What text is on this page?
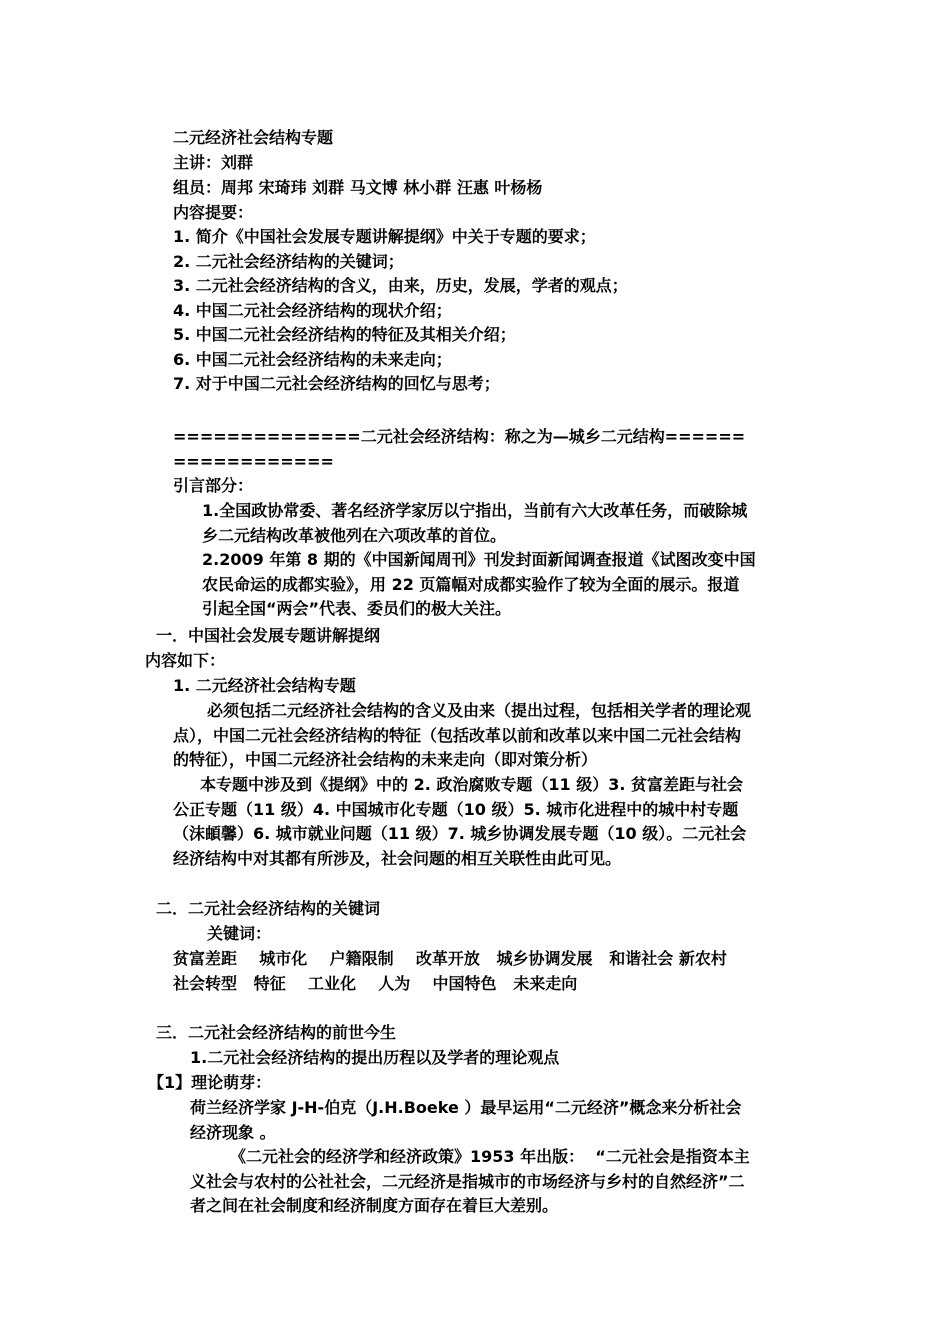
二元经济社会结构专题
主讲：刘群
组员：周邦 宋琦玮 刘群 马文博 林小群 汪惠 叶杨杨
内容提要：
1. 简介《中国社会发展专题讲解提纲》中关于专题的要求；
2. 二元社会经济结构的关键词；
3. 二元社会经济结构的含义，由来，历史，发展，学者的观点；
4. 中国二元社会经济结构的现状介绍；
5. 中国二元社会经济结构的特征及其相关介绍；
6. 中国二元社会经济结构的未来走向；
7. 对于中国二元社会经济结构的回忆与思考；
==============二元社会经济结构：称之为—城乡二元结构======
============
引言部分：
1.全国政协常委、著名经济学家厉以宁指出，当前有六大改革任务，而破除城
乡二元结构改革被他列在六项改革的首位。
2.2009 年第 8 期的《中国新闻周刊》刊发封面新闻调查报道《试图改变中国
农民命运的成都实验》，用 22 页篇幅对成都实验作了较为全面的展示。报道
引起全国“两会”代表、委员们的极大关注。
一．中国社会发展专题讲解提纲
内容如下：
1. 二元经济社会结构专题
必须包括二元经济社会结构的含义及由来（提出过程，包括相关学者的理论观
点），中国二元社会经济结构的特征（包括改革以前和改革以来中国二元社会结构
的特征），中国二元经济社会结构的未来走向（即对策分析）
本专题中涉及到《提纲》中的 2. 政治腐败专题（11 级）3. 贫富差距与社会
公正专题（11 级）4. 中国城市化专题（10 级）5. 城市化进程中的城中村专题
（沫頔馨）6. 城市就业问题（11 级）7. 城乡协调发展专题（10 级）。二元社会
经济结构中对其都有所涉及，社会问题的相互关联性由此可见。
二．二元社会经济结构的关键词
关键词：
贫富差距    城市化    户籍限制    改革开放   城乡协调发展   和谐社会 新农村
社会转型   特征    工业化    人为    中国特色   未来走向
三．二元社会经济结构的前世今生
1.二元社会经济结构的提出历程以及学者的理论观点
【1】理论萌芽：
荷兰经济学家 J-H-伯克（J.H.Boeke ）最早运用“二元经济”概念来分析社会
经济现象 。
《二元社会的经济学和经济政策》1953 年出版：  “二元社会是指资本主
义社会与农村的公社社会，二元经济是指城市的市场经济与乡村的自然经济”二
者之间在社会制度和经济制度方面存在着巨大差别。
